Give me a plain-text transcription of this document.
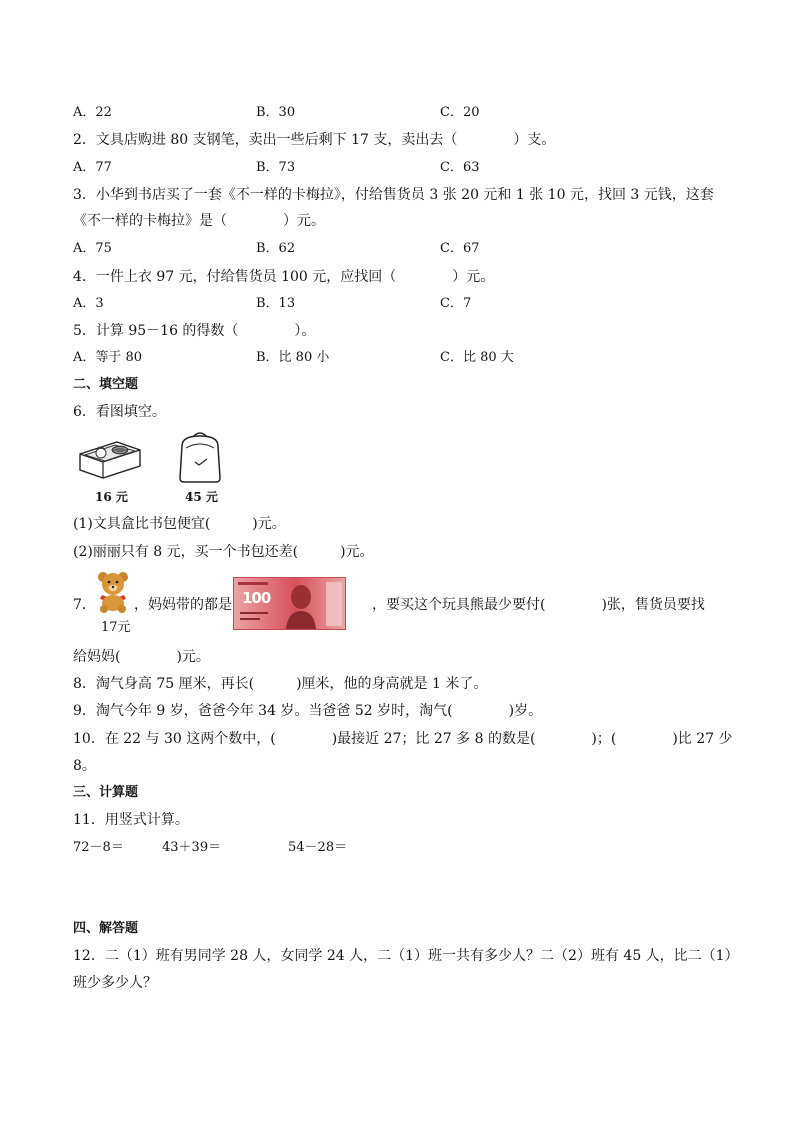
A．22	B．30	C．20
2．文具店购进 80 支钢笔，卖出一些后剩下 17 支，卖出去（　　　　）支。
A．77	B．73	C．63
3．小华到书店买了一套《不一样的卡梅拉》，付给售货员 3 张 20 元和 1 张 10 元，找回 3 元钱，这套
《不一样的卡梅拉》是（　　　　）元。
A．75	B．62	C．67
4．一件上衣 97 元，付给售货员 100 元，应找回（　　　　）元。
A．3	B．13	C．7
5．计算 95－16 的得数（　　　　）。
A．等于 80	B．比 80 小	C．比 80 大
二、填空题
6．看图填空。
16 元	45 元
(1)文具盒比书包便宜(　　　)元。
(2)丽丽只有 8 元，买一个书包还差(　　　)元。
7．
17元
，妈妈带的都是 100	，要买这个玩具熊最少要付(　　　　)张，售货员要找
给妈妈(　　　　)元。
8．淘气身高 75 厘米，再长(　　　)厘米，他的身高就是 1 米了。
9．淘气今年 9 岁，爸爸今年 34 岁。当爸爸 52 岁时，淘气(　　　　)岁。
10．在 22 与 30 这两个数中，(　　　　)最接近 27；比 27 多 8 的数是(　　　　)；(　　　　)比 27 少
8。
三、计算题
11．用竖式计算。
72－8＝	43＋39＝	54－28＝
四、解答题
12．二（1）班有男同学 28 人，女同学 24 人，二（1）班一共有多少人？二（2）班有 45 人，比二（1）
班少多少人？
